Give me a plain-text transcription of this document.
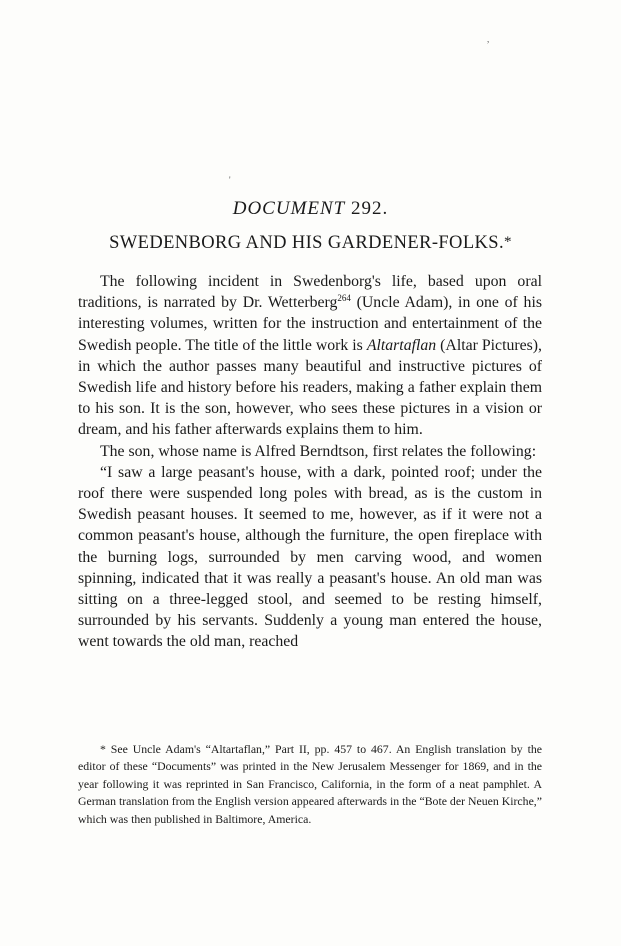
,
'
DOCUMENT 292.
SWEDENBORG AND HIS GARDENER-FOLKS.*

The following incident in Swedenborg's life, based upon oral traditions, is narrated by Dr. Wetterberg$^{264}$ (Uncle Adam), in one of his interesting volumes, written for the instruction and entertainment of the Swedish people. The title of the little work is Altartaflan (Altar Pictures), in which the author passes many beautiful and instructive pictures of Swedish life and history before his readers, making a father explain them to his son. It is the son, however, who sees these pictures in a vision or dream, and his father afterwards explains them to him.

The son, whose name is Alfred Berndtson, first relates the following:

“I saw a large peasant's house, with a dark, pointed roof; under the roof there were suspended long poles with bread, as is the custom in Swedish peasant houses. It seemed to me, however, as if it were not a common peasant's house, although the furniture, the open fireplace with the burning logs, surrounded by men carving wood, and women spinning, indicated that it was really a peasant's house. An old man was sitting on a three-legged stool, and seemed to be resting himself, surrounded by his servants. Suddenly a young man entered the house, went towards the old man, reached

* See Uncle Adam's “Altartaflan,” Part II, pp. 457 to 467. An English translation by the editor of these “Documents” was printed in the New Jerusalem Messenger for 1869, and in the year following it was reprinted in San Francisco, California, in the form of a neat pamphlet. A German translation from the English version appeared afterwards in the “Bote der Neuen Kirche,” which was then published in Baltimore, America.
